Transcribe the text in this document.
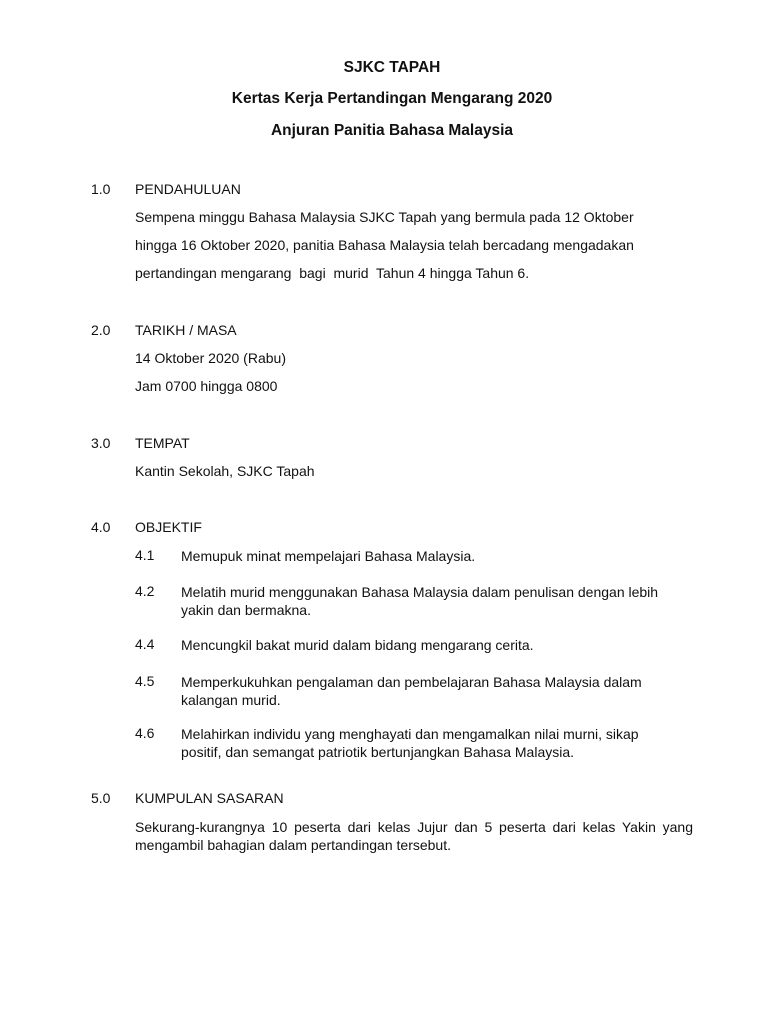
SJKC TAPAH
Kertas Kerja Pertandingan Mengarang 2020
Anjuran Panitia Bahasa Malaysia
1.0 PENDAHULUAN
Sempena minggu Bahasa Malaysia SJKC Tapah yang bermula pada 12 Oktober
hingga 16 Oktober 2020, panitia Bahasa Malaysia telah bercadang mengadakan
pertandingan mengarang  bagi  murid  Tahun 4 hingga Tahun 6.
2.0 TARIKH / MASA
14 Oktober 2020 (Rabu)
Jam 0700 hingga 0800
3.0 TEMPAT
Kantin Sekolah, SJKC Tapah
4.0 OBJEKTIF
4.1 Memupuk minat mempelajari Bahasa Malaysia.
4.2 Melatih murid menggunakan Bahasa Malaysia dalam penulisan dengan lebih yakin dan bermakna.
4.4 Mencungkil bakat murid dalam bidang mengarang cerita.
4.5 Memperkukuhkan pengalaman dan pembelajaran Bahasa Malaysia dalam kalangan murid.
4.6 Melahirkan individu yang menghayati dan mengamalkan nilai murni, sikap positif, dan semangat patriotik bertunjangkan Bahasa Malaysia.
5.0 KUMPULAN SASARAN
Sekurang-kurangnya 10 peserta dari kelas Jujur dan 5 peserta dari kelas Yakin yang  mengambil bahagian dalam pertandingan tersebut.
